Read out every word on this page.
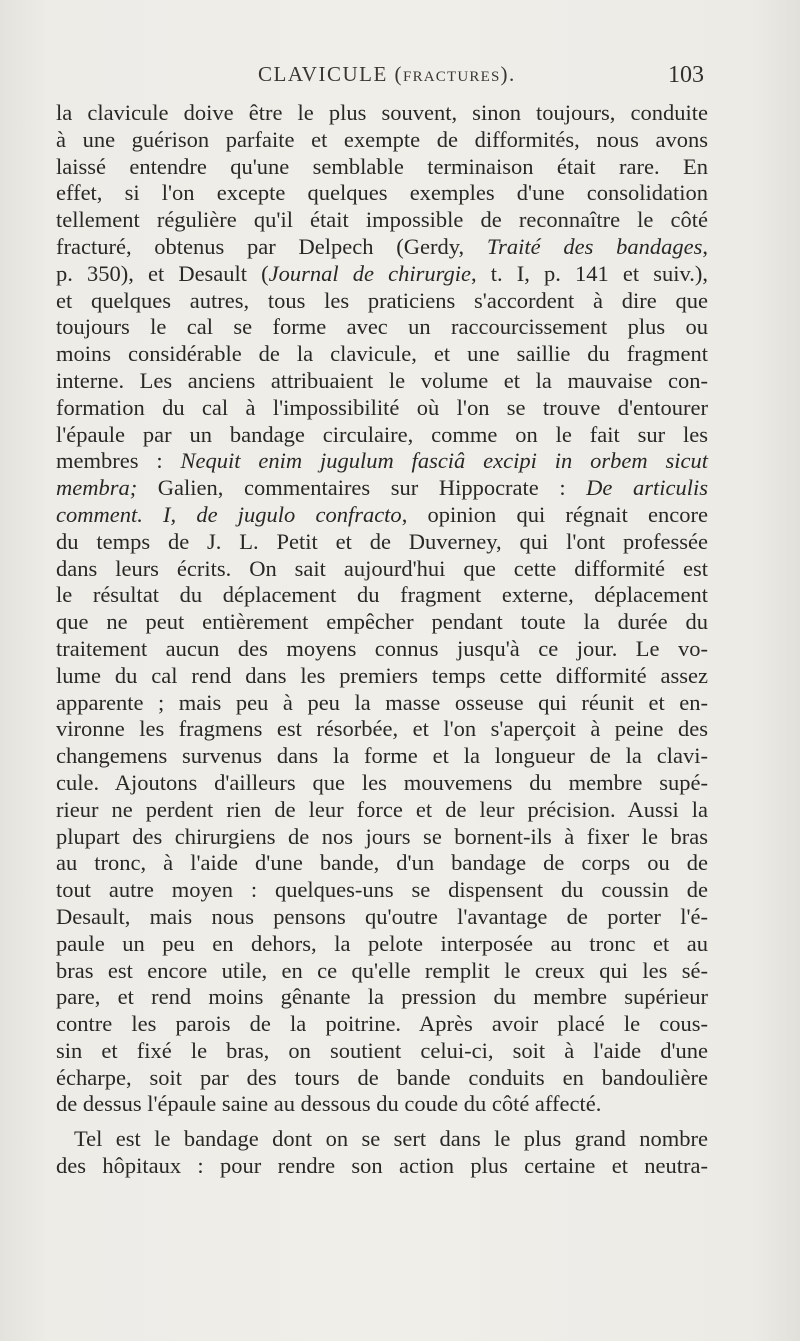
CLAVICULE (FRACTURES).	103
la clavicule doive être le plus souvent, sinon toujours, conduite
à une guérison parfaite et exempte de difformités, nous avons
laissé entendre qu'une semblable terminaison était rare. En
effet, si l'on excepte quelques exemples d'une consolidation
tellement régulière qu'il était impossible de reconnaître le côté
fracturé, obtenus par Delpech (Gerdy, Traité des bandages,
p. 350), et Desault (Journal de chirurgie, t. I, p. 141 et suiv.),
et quelques autres, tous les praticiens s'accordent à dire que
toujours le cal se forme avec un raccourcissement plus ou
moins considérable de la clavicule, et une saillie du fragment
interne. Les anciens attribuaient le volume et la mauvaise con-
formation du cal à l'impossibilité où l'on se trouve d'entourer
l'épaule par un bandage circulaire, comme on le fait sur les
membres : Nequit enim jugulum fasciâ excipi in orbem sicut
membra; Galien, commentaires sur Hippocrate : De articulis
comment. I, de jugulo confracto, opinion qui régnait encore
du temps de J. L. Petit et de Duverney, qui l'ont professée
dans leurs écrits. On sait aujourd'hui que cette difformité est
le résultat du déplacement du fragment externe, déplacement
que ne peut entièrement empêcher pendant toute la durée du
traitement aucun des moyens connus jusqu'à ce jour. Le vo-
lume du cal rend dans les premiers temps cette difformité assez
apparente ; mais peu à peu la masse osseuse qui réunit et en-
vironne les fragmens est résorbée, et l'on s'aperçoit à peine des
changemens survenus dans la forme et la longueur de la clavi-
cule. Ajoutons d'ailleurs que les mouvemens du membre supé-
rieur ne perdent rien de leur force et de leur précision. Aussi la
plupart des chirurgiens de nos jours se bornent-ils à fixer le bras
au tronc, à l'aide d'une bande, d'un bandage de corps ou de
tout autre moyen : quelques-uns se dispensent du coussin de
Desault, mais nous pensons qu'outre l'avantage de porter l'é-
paule un peu en dehors, la pelote interposée au tronc et au
bras est encore utile, en ce qu'elle remplit le creux qui les sé-
pare, et rend moins gênante la pression du membre supérieur
contre les parois de la poitrine. Après avoir placé le cous-
sin et fixé le bras, on soutient celui-ci, soit à l'aide d'une
écharpe, soit par des tours de bande conduits en bandoulière
de dessus l'épaule saine au dessous du coude du côté affecté.
Tel est le bandage dont on se sert dans le plus grand nombre
des hôpitaux : pour rendre son action plus certaine et neutra-
